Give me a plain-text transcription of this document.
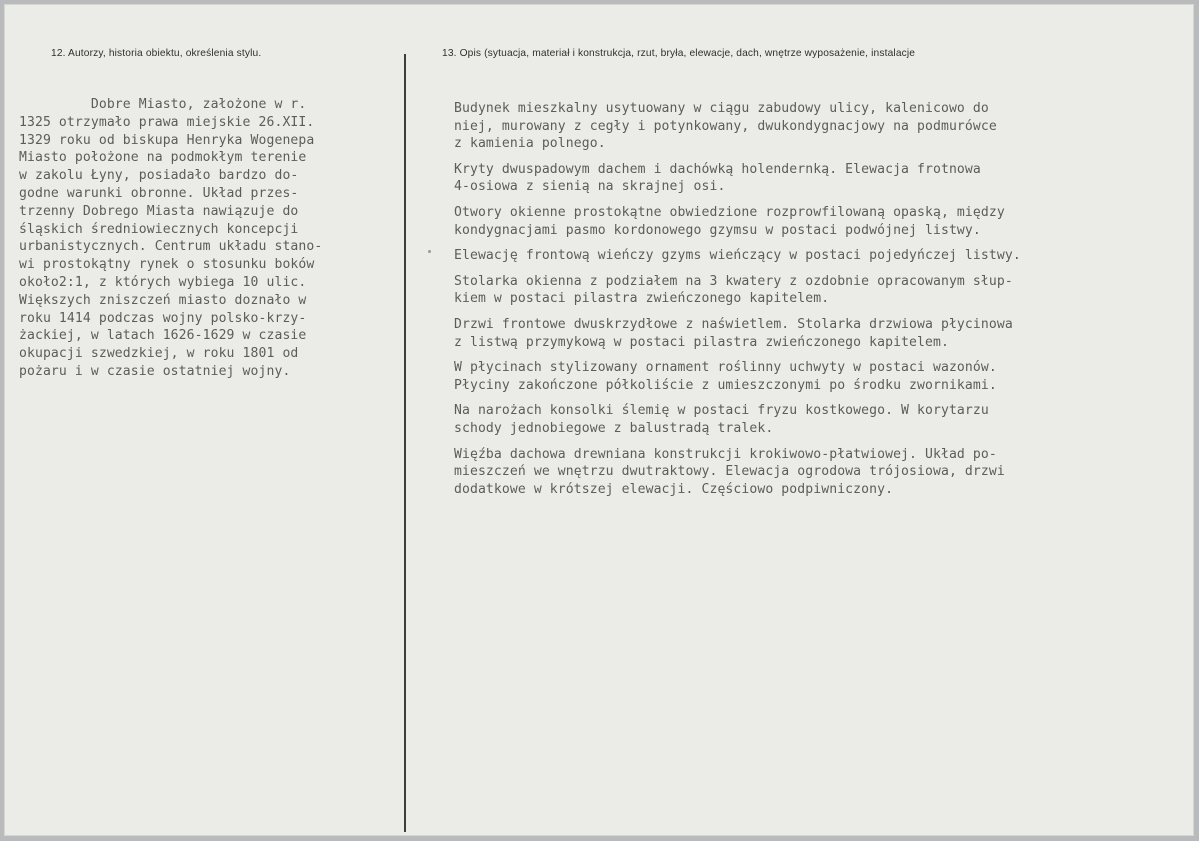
12. Autorzy, historia obiektu, określenia stylu.	13. Opis (sytuacja, materiał i konstrukcja, rzut, bryła, elewacje, dach, wnętrze wyposażenie, instalacje
Dobre Miasto, założone w r.
1325 otrzymało prawa miejskie 26.XII.
1329 roku od biskupa Henryka Wogenepa
Miasto położone na podmokłym terenie
w zakolu Łyny, posiadało bardzo do-
godne warunki obronne. Układ przes-
trzenny Dobrego Miasta nawiązuje do
śląskich średniowiecznych koncepcji
urbanistycznych. Centrum układu stano-
wi prostokątny rynek o stosunku boków
około2:1, z których wybiega 10 ulic.
Większych zniszczeń miasto doznało w
roku 1414 podczas wojny polsko-krzy-
żackiej, w latach 1626-1629 w czasie
okupacji szwedzkiej, w roku 1801 od
pożaru i w czasie ostatniej wojny.
Budynek mieszkalny usytuowany w ciągu zabudowy ulicy, kalenicowo do
niej, murowany z cegły i potynkowany, dwukondygnacjowy na podmurówce
z kamienia polnego.
Kryty dwuspadowym dachem i dachówką holendernką. Elewacja frotnowa
4-osiowa z sienią na skrajnej osi.
Otwory okienne prostokątne obwiedzione rozprowfilowaną opaską, między
kondygnacjami pasmo kordonowego gzymsu w postaci podwójnej listwy.
Elewację frontową wieńczy gzyms wieńczący w postaci pojedyńczej listwy.
Stolarka okienna z podziałem na 3 kwatery z ozdobnie opracowanym słup-
kiem w postaci pilastra zwieńczonego kapitelem.
Drzwi frontowe dwuskrzydłowe z naświetlem. Stolarka drzwiowa płycinowa
z listwą przymykową w postaci pilastra zwieńczonego kapitelem.
W płycinach stylizowany ornament roślinny uchwyty w postaci wazonów.
Płyciny zakończone półkoliście z umieszczonymi po środku zwornikami.
Na narożach konsolki ślemię w postaci fryzu kostkowego. W korytarzu
schody jednobiegowe z balustradą tralek.
Więźba dachowa drewniana konstrukcji krokiwowo-płatwiowej. Układ po-
mieszczeń we wnętrzu dwutraktowy. Elewacja ogrodowa trójosiowa, drzwi
dodatkowe w krótszej elewacji. Częściowo podpiwniczony.
